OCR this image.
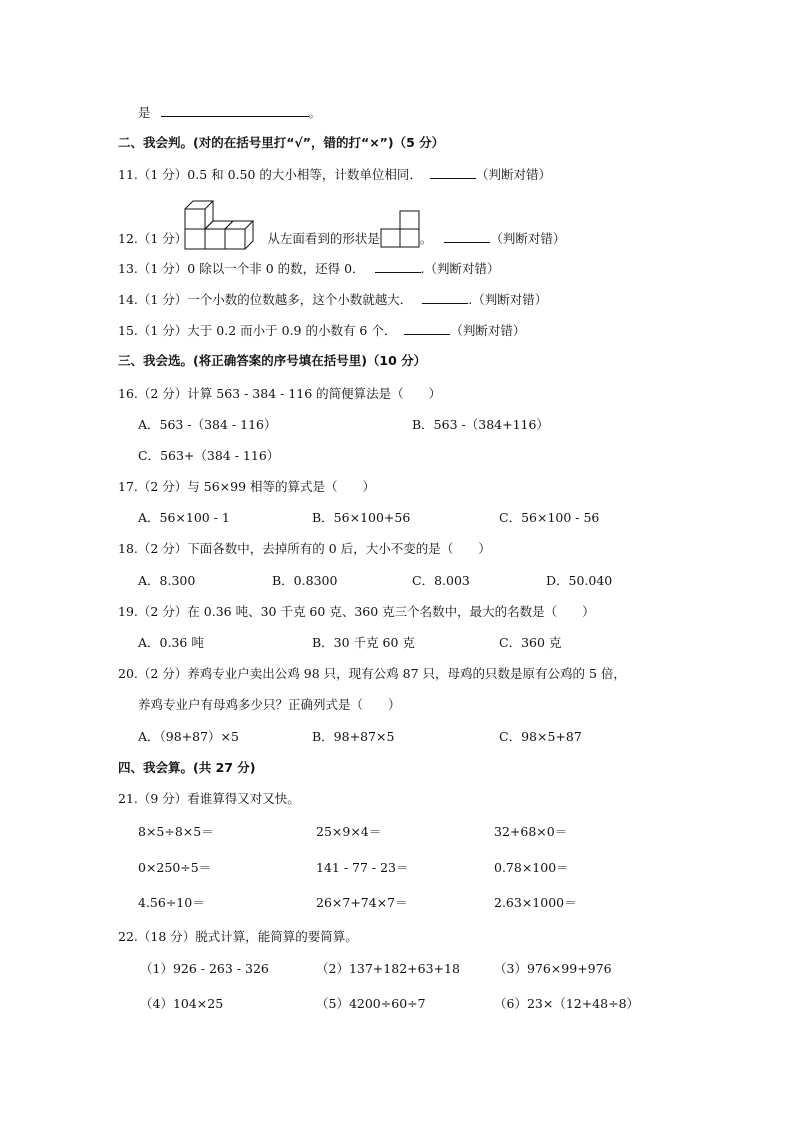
是	。
二、我会判。(对的在括号里打“√”，错的打“×”)（5 分）
11.（1 分）0.5 和 0.50 的大小相等，计数单位相同．	（判断对错）
12.（1 分）	从左面看到的形状是	。	（判断对错）
13.（1 分）0 除以一个非 0 的数，还得 0．	.（判断对错）
14.（1 分）一个小数的位数越多，这个小数就越大．	.（判断对错）
15.（1 分）大于 0.2 而小于 0.9 的小数有 6 个．	（判断对错）
三、我会选。(将正确答案的序号填在括号里)（10 分）
16.（2 分）计算 563 - 384 - 116 的简便算法是（　　）
A．563 -（384 - 116）	B．563 -（384+116）
C．563+（384 - 116）
17.（2 分）与 56×99 相等的算式是（　　）
A．56×100 - 1	B．56×100+56	C．56×100 - 56
18.（2 分）下面各数中，去掉所有的 0 后，大小不变的是（　　）
A．8.300	B．0.8300	C．8.003	D．50.040
19.（2 分）在 0.36 吨、30 千克 60 克、360 克三个名数中，最大的名数是（　　）
A．0.36 吨	B．30 千克 60 克	C．360 克
20.（2 分）养鸡专业户卖出公鸡 98 只，现有公鸡 87 只，母鸡的只数是原有公鸡的 5 倍，
养鸡专业户有母鸡多少只？正确列式是（　　）
A．（98+87）×5	B．98+87×5	C．98×5+87
四、我会算。(共 27 分)
21.（9 分）看谁算得又对又快。
8×5÷8×5＝	25×9×4＝	32+68×0＝
0×250÷5＝	141 - 77 - 23＝	0.78×100＝
4.56÷10＝	26×7+74×7＝	2.63×1000＝
22.（18 分）脱式计算，能简算的要简算。
（1）926 - 263 - 326	（2）137+182+63+18	（3）976×99+976
（4）104×25	（5）4200÷60÷7	（6）23×（12+48÷8）
